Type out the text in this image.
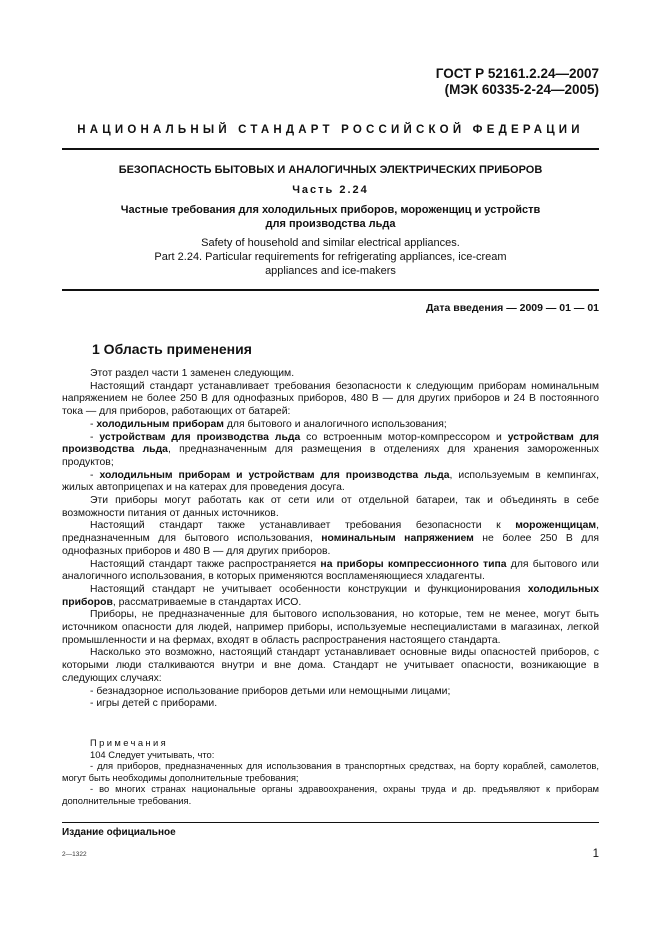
ГОСТ Р 52161.2.24—2007
(МЭК 60335-2-24—2005)
НАЦИОНАЛЬНЫЙ СТАНДАРТ РОССИЙСКОЙ ФЕДЕРАЦИИ
БЕЗОПАСНОСТЬ БЫТОВЫХ И АНАЛОГИЧНЫХ ЭЛЕКТРИЧЕСКИХ ПРИБОРОВ
Часть 2.24
Частные требования для холодильных приборов, мороженщиц и устройств
для производства льда
Safety of household and similar electrical appliances.
Part 2.24. Particular requirements for refrigerating appliances, ice-cream
appliances and ice-makers
Дата введения — 2009 — 01 — 01
1 Область применения

Этот раздел части 1 заменен следующим.

Настоящий стандарт устанавливает требования безопасности к следующим приборам номинальным напряжением не более 250 В для однофазных приборов, 480 В — для других приборов и 24 В постоянного тока — для приборов, работающих от батарей:

- холодильным приборам для бытового и аналогичного использования;

- устройствам для производства льда со встроенным мотор-компрессором и устройствам для производства льда, предназначенным для размещения в отделениях для хранения замороженных продуктов;

- холодильным приборам и устройствам для производства льда, используемым в кемпингах, жилых автоприцепах и на катерах для проведения досуга.

Эти приборы могут работать как от сети или от отдельной батареи, так и объединять в себе возможности питания от данных источников.

Настоящий стандарт также устанавливает требования безопасности к мороженщицам, предназначенным для бытового использования, номинальным напряжением не более 250 В для однофазных приборов и 480 В — для других приборов.

Настоящий стандарт также распространяется на приборы компрессионного типа для бытового или аналогичного использования, в которых применяются воспламеняющиеся хладагенты.

Настоящий стандарт не учитывает особенности конструкции и функционирования холодильных приборов, рассматриваемые в стандартах ИСО.

Приборы, не предназначенные для бытового использования, но которые, тем не менее, могут быть источником опасности для людей, например приборы, используемые неспециалистами в магазинах, легкой промышленности и на фермах, входят в область распространения настоящего стандарта.

Насколько это возможно, настоящий стандарт устанавливает основные виды опасностей приборов, с которыми люди сталкиваются внутри и вне дома. Стандарт не учитывает опасности, возникающие в следующих случаях:

- безнадзорное использование приборов детьми или немощными лицами;

- игры детей с приборами.

Примечания

104 Следует учитывать, что:

- для приборов, предназначенных для использования в транспортных средствах, на борту кораблей, самолетов, могут быть необходимы дополнительные требования;

- во многих странах национальные органы здравоохранения, охраны труда и др. предъявляют к приборам дополнительные требования.

Издание официальное
2—1322	1
